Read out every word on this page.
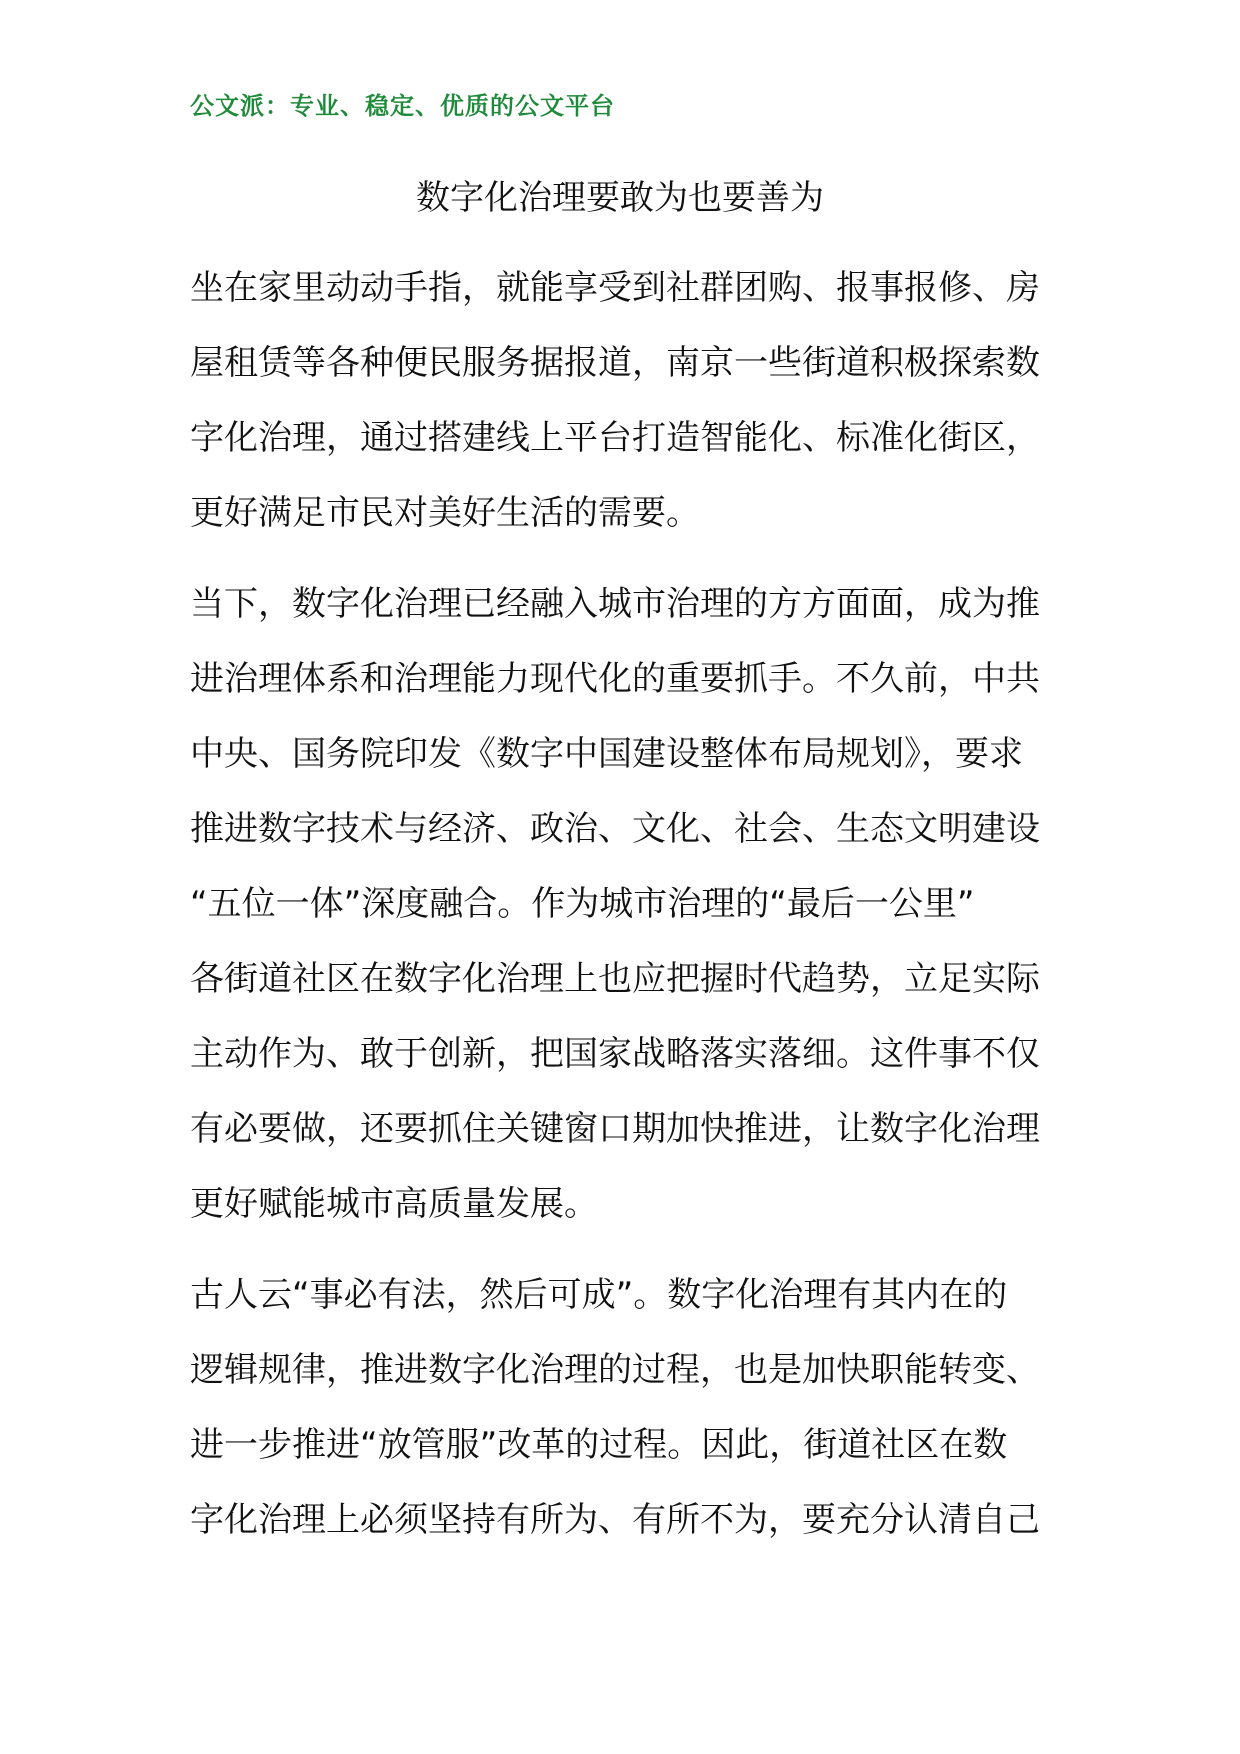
公文派：专业、稳定、优质的公文平台
数字化治理要敢为也要善为
坐在家里动动手指，就能享受到社群团购、报事报修、房
屋租赁等各种便民服务据报道，南京一些街道积极探索数
字化治理，通过搭建线上平台打造智能化、标准化街区，
更好满足市民对美好生活的需要。
当下，数字化治理已经融入城市治理的方方面面，成为推
进治理体系和治理能力现代化的重要抓手。不久前，中共
中央、国务院印发《数字中国建设整体布局规划》，要求
推进数字技术与经济、政治、文化、社会、生态文明建设
“五位一体”深度融合。作为城市治理的“最后一公里”
各街道社区在数字化治理上也应把握时代趋势，立足实际
主动作为、敢于创新，把国家战略落实落细。这件事不仅
有必要做，还要抓住关键窗口期加快推进，让数字化治理
更好赋能城市高质量发展。
古人云“事必有法，然后可成”。数字化治理有其内在的
逻辑规律，推进数字化治理的过程，也是加快职能转变、
进一步推进“放管服”改革的过程。因此，街道社区在数
字化治理上必须坚持有所为、有所不为，要充分认清自己
